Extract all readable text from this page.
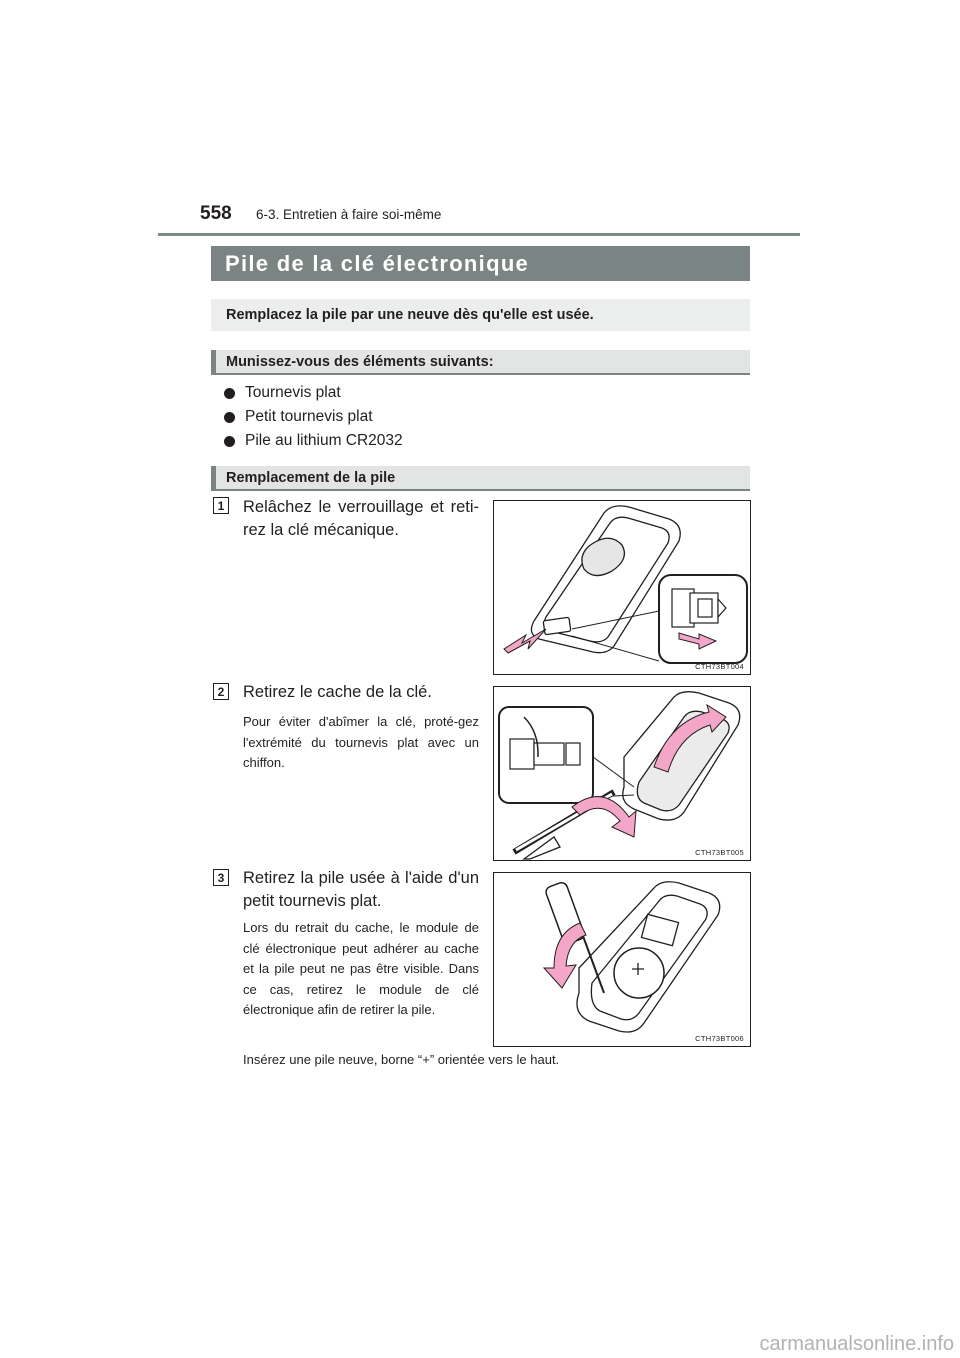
558 6-3. Entretien à faire soi-même
Pile de la clé électronique
Remplacez la pile par une neuve dès qu'elle est usée.
Munissez-vous des éléments suivants:
Tournevis plat
Petit tournevis plat
Pile au lithium CR2032
Remplacement de la pile
1 Relâchez le verrouillage et reti-rez la clé mécanique.
CTH73BT004
2 Retirez le cache de la clé.
Pour éviter d'abîmer la clé, proté-gez l'extrémité du tournevis plat avec un chiffon.
CTH73BT005
3 Retirez la pile usée à l'aide d'un petit tournevis plat.
Lors du retrait du cache, le module de clé électronique peut adhérer au cache et la pile peut ne pas être visible. Dans ce cas, retirez le module de clé électronique afin de retirer la pile.
CTH73BT006
Insérez une pile neuve, borne “+” orientée vers le haut.
carmanualsonline.info
